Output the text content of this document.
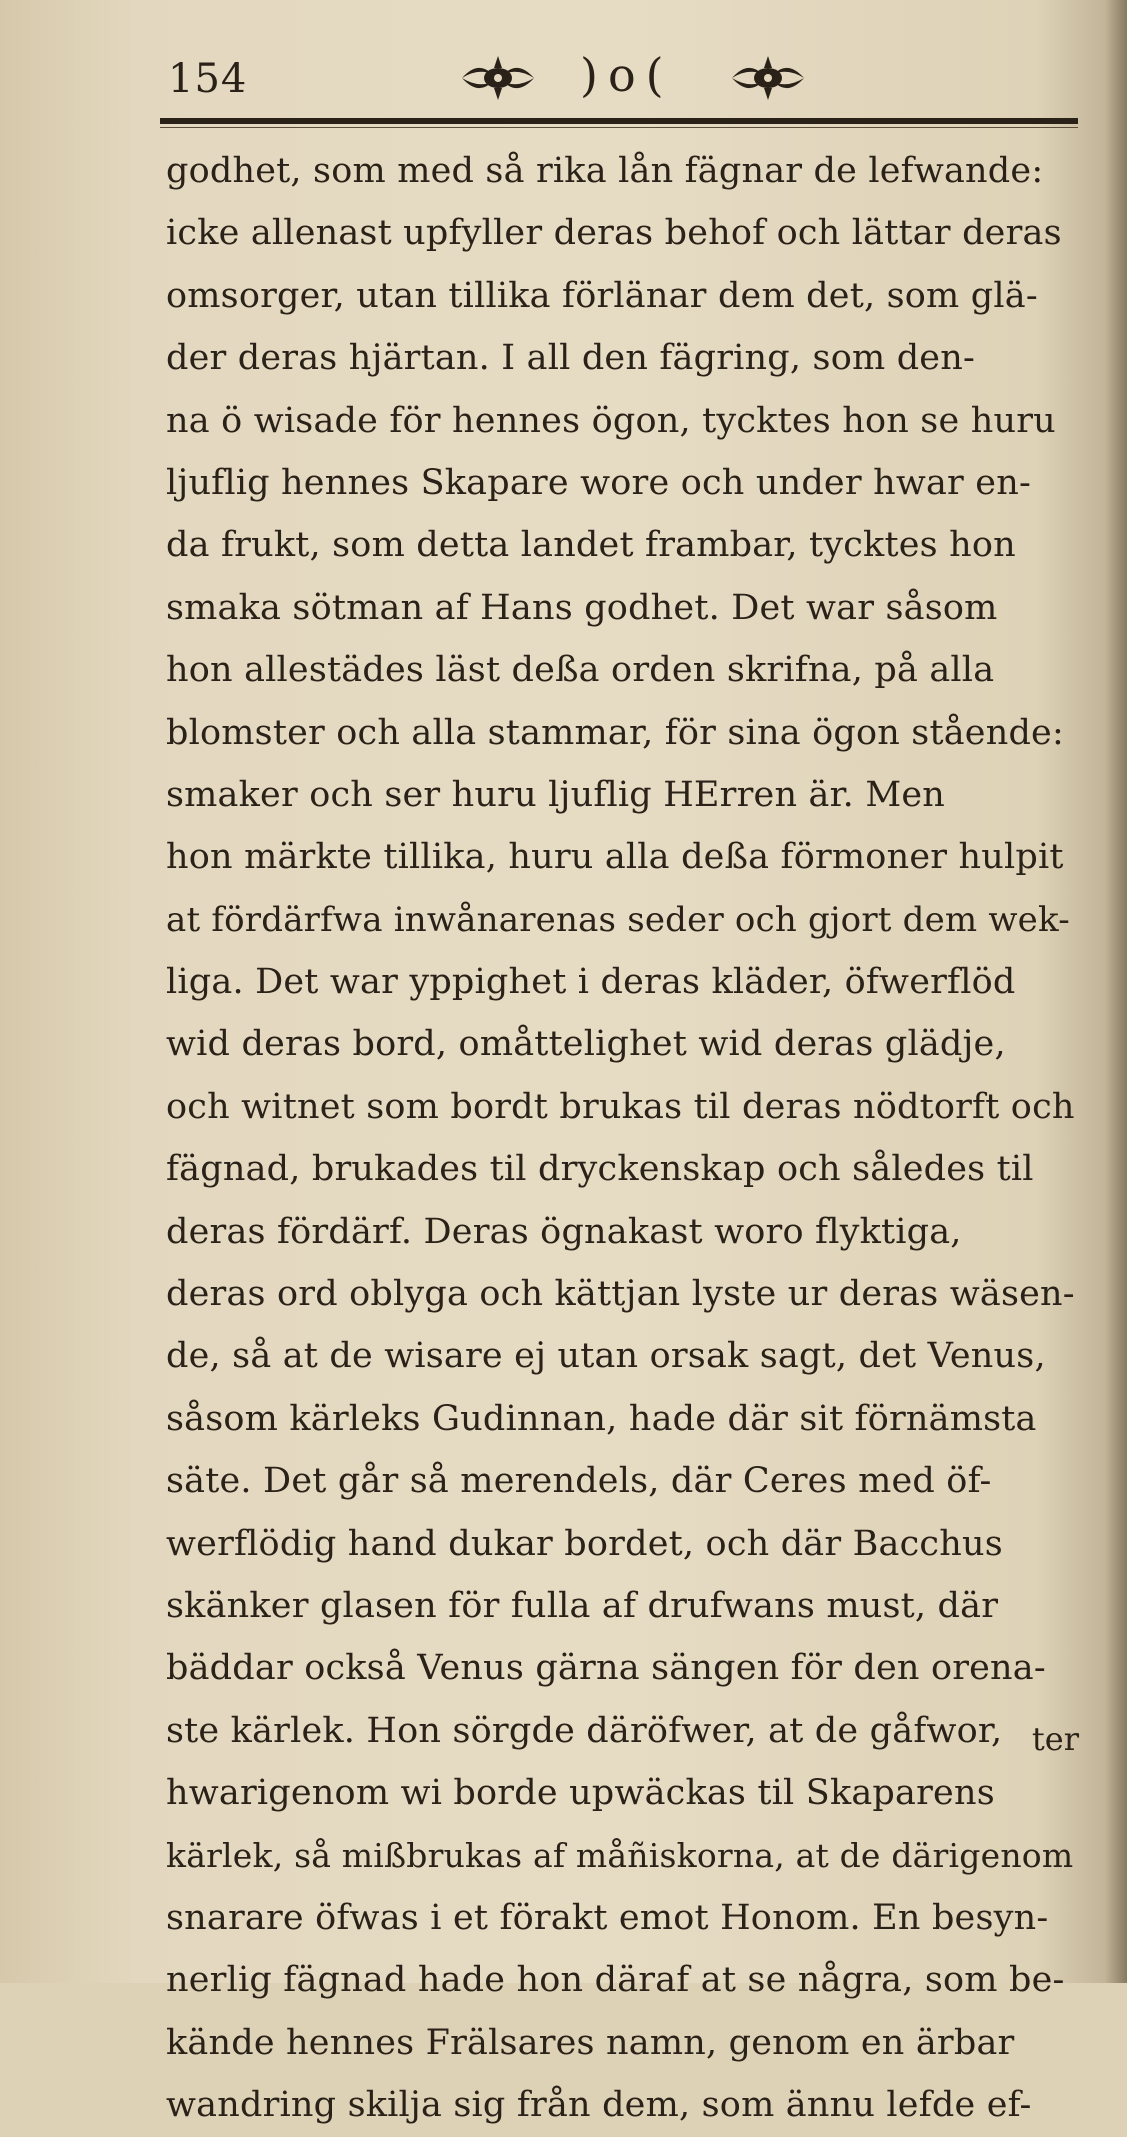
154	)o(
godhet, som med så rika lån fägnar de lefwande:
icke allenast upfyller deras behof och lättar deras
omsorger, utan tillika förlänar dem det, som glä-
der deras hjärtan. I all den fägring, som den-
na ö wisade för hennes ögon, tycktes hon se huru
ljuflig hennes Skapare wore och under hwar en-
da frukt, som detta landet frambar, tycktes hon
smaka sötman af Hans godhet. Det war såsom
hon allestädes läst deßa orden skrifna, på alla
blomster och alla stammar, för sina ögon stående:
smaker och ser huru ljuflig HErren är. Men
hon märkte tillika, huru alla deßa förmoner hulpit
at fördärfwa inwånarenas seder och gjort dem wek-
liga. Det war yppighet i deras kläder, öfwerflöd
wid deras bord, omåttelighet wid deras glädje,
och witnet som bordt brukas til deras nödtorft och
fägnad, brukades til dryckenskap och således til
deras fördärf. Deras ögnakast woro flyktiga,
deras ord oblyga och kättjan lyste ur deras wäsen-
de, så at de wisare ej utan orsak sagt, det Venus,
såsom kärleks Gudinnan, hade där sit förnämsta
säte. Det går så merendels, där Ceres med öf-
werflödig hand dukar bordet, och där Bacchus
skänker glasen för fulla af drufwans must, där
bäddar också Venus gärna sängen för den orena-
ste kärlek. Hon sörgde däröfwer, at de gåfwor,
hwarigenom wi borde upwäckas til Skaparens
kärlek, så mißbrukas af måñiskorna, at de därigenom
snarare öfwas i et förakt emot Honom. En besyn-
nerlig fägnad hade hon däraf at se några, som be-
kände hennes Frälsares namn, genom en ärbar
wandring skilja sig från dem, som ännu lefde ef-
ter
